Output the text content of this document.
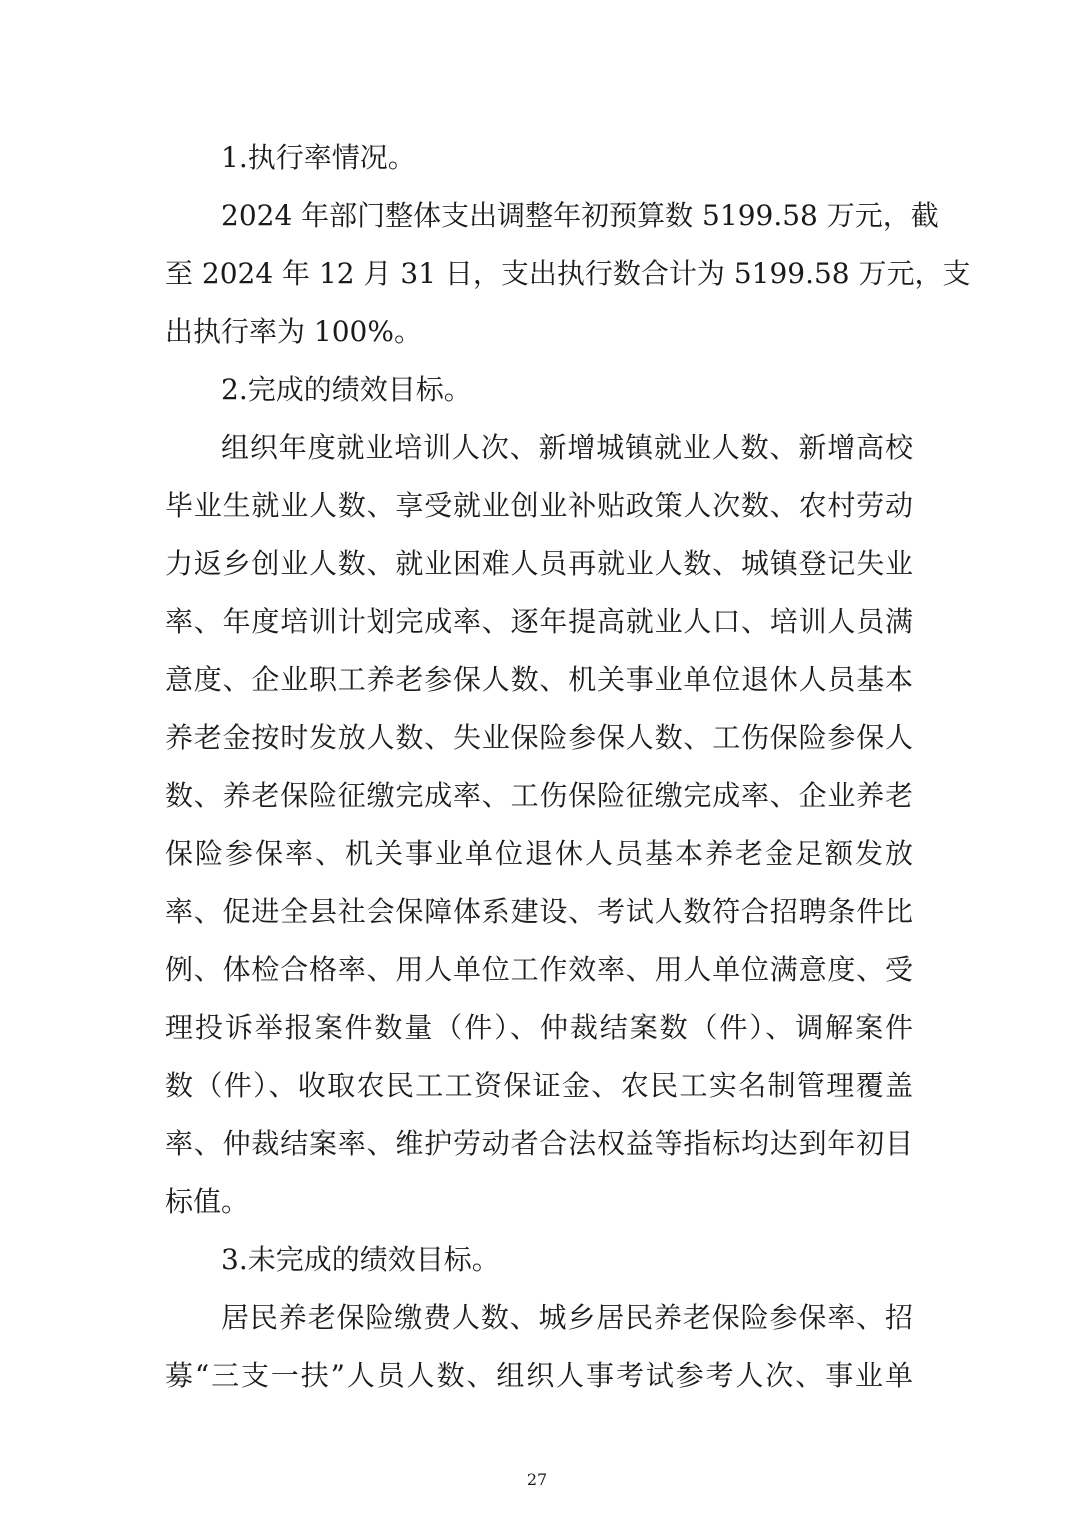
1.执行率情况。
2024 年部门整体支出调整年初预算数 5199.58 万元，截
至 2024 年 12 月 31 日，支出执行数合计为 5199.58 万元，支
出执行率为 100%。
2.完成的绩效目标。
组织年度就业培训人次、新增城镇就业人数、新增高校
毕业生就业人数、享受就业创业补贴政策人次数、农村劳动
力返乡创业人数、就业困难人员再就业人数、城镇登记失业
率、年度培训计划完成率、逐年提高就业人口、培训人员满
意度、企业职工养老参保人数、机关事业单位退休人员基本
养老金按时发放人数、失业保险参保人数、工伤保险参保人
数、养老保险征缴完成率、工伤保险征缴完成率、企业养老
保险参保率、机关事业单位退休人员基本养老金足额发放
率、促进全县社会保障体系建设、考试人数符合招聘条件比
例、体检合格率、用人单位工作效率、用人单位满意度、受
理投诉举报案件数量（件）、仲裁结案数（件）、调解案件
数（件）、收取农民工工资保证金、农民工实名制管理覆盖
率、仲裁结案率、维护劳动者合法权益等指标均达到年初目
标值。
3.未完成的绩效目标。
居民养老保险缴费人数、城乡居民养老保险参保率、招
募“三支一扶”人员人数、组织人事考试参考人次、事业单
27
